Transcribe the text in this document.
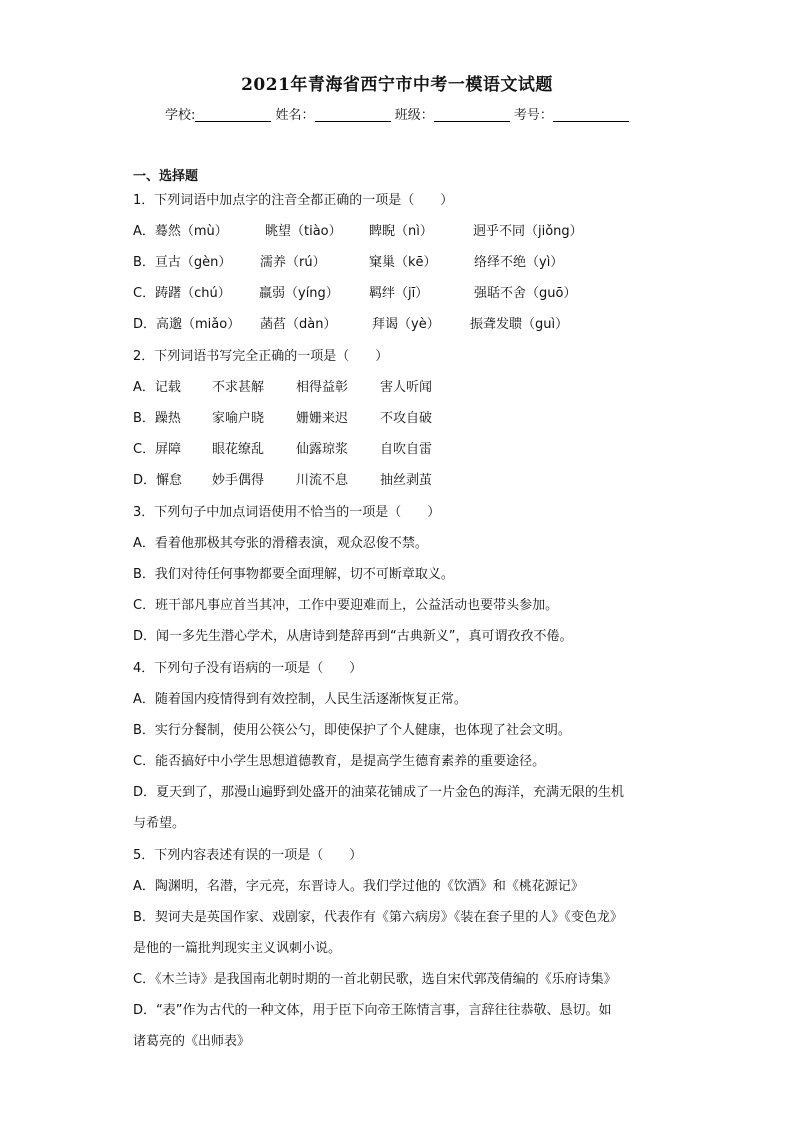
2021年青海省西宁市中考一模语文试题
学校:	姓名：	班级：	考号：
一、选择题
1．下列词语中加点字的注音全都正确的一项是（　　）
A．蓦然（mù）	眺望（tiào） 睥睨（nì）	迥乎不同（jiǒng）
B．亘古（gèn） 濡养（rú）	窠巢（kē）	络绎不绝（yì）
C．踌躇（chú） 羸弱（yíng） 羁绊（jī）	强聒不舍（guō）
D．高邈（miǎo） 菡萏（dàn）	拜谒（yè） 振聋发聩（guì）
2．下列词语书写完全正确的一项是（　　）
A．记载 不求甚解 相得益彰 害人听闻
B．躁热 家喻户晓 姗姗来迟 不攻自破
C．屏障 眼花缭乱 仙露琼浆 自吹自雷
D．懈怠 妙手偶得 川流不息 抽丝剥茧
3．下列句子中加点词语使用不恰当的一项是（　　）
A．看着他那极其夸张的滑稽表演，观众忍俊不禁。
B．我们对待任何事物都要全面理解，切不可断章取义。
C．班干部凡事应首当其冲，工作中要迎难而上，公益活动也要带头参加。
D．闻一多先生潜心学术，从唐诗到楚辞再到“古典新义”，真可谓孜孜不倦。
4．下列句子没有语病的一项是（　　）
A．随着国内疫情得到有效控制，人民生活逐渐恢复正常。
B．实行分餐制，使用公筷公勺，即使保护了个人健康，也体现了社会文明。
C．能否搞好中小学生思想道德教育，是提高学生德育素养的重要途径。
D．夏天到了，那漫山遍野到处盛开的油菜花铺成了一片金色的海洋，充满无限的生机
与希望。
5．下列内容表述有误的一项是（　　）
A．陶渊明，名潜，字元亮，东晋诗人。我们学过他的《饮酒》和《桃花源记》
B．契诃夫是英国作家、戏剧家，代表作有《第六病房》《装在套子里的人》《变色龙》
是他的一篇批判现实主义讽刺小说。
C．《木兰诗》是我国南北朝时期的一首北朝民歌，选自宋代郭茂倩编的《乐府诗集》
D．“表”作为古代的一种文体，用于臣下向帝王陈情言事，言辞往往恭敬、恳切。如
诸葛亮的《出师表》
